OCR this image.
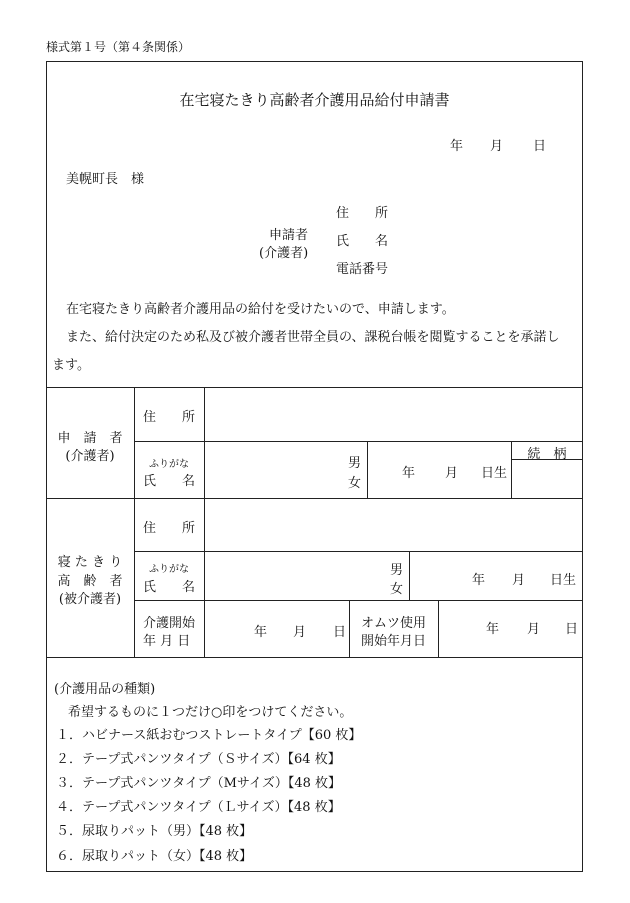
様式第１号（第４条関係）
在宅寝たきり高齢者介護用品給付申請書
年 月 日
美幌町長　様
申請者
(介護者)
住　　所
氏　　名
電話番号
在宅寝たきり高齢者介護用品の給付を受けたいので、申請します。
また、給付決定のため私及び被介護者世帯全員の、課税台帳を閲覧することを承諾し
ます。
申　請　者
(介護者)
住　　所
ふりがな
氏　　名
男
女
年 月 日生
続　柄
寝 た き り
高　齢　者
(被介護者)
住　　所
ふりがな
氏　　名
男
女
年 月 日生
介護開始
年 月 日
年 月 日
オムツ使用
開始年月日
年 月 日
(介護用品の種類)
希望するものに１つだけ○印をつけてください。
１．ハビナース紙おむつストレートタイプ【60 枚】
２．テープ式パンツタイプ（Ｓサイズ）【64 枚】
３．テープ式パンツタイプ（Mサイズ）【48 枚】
４．テープ式パンツタイプ（Ｌサイズ）【48 枚】
５．尿取りパット（男）【48 枚】
６．尿取りパット（女）【48 枚】
